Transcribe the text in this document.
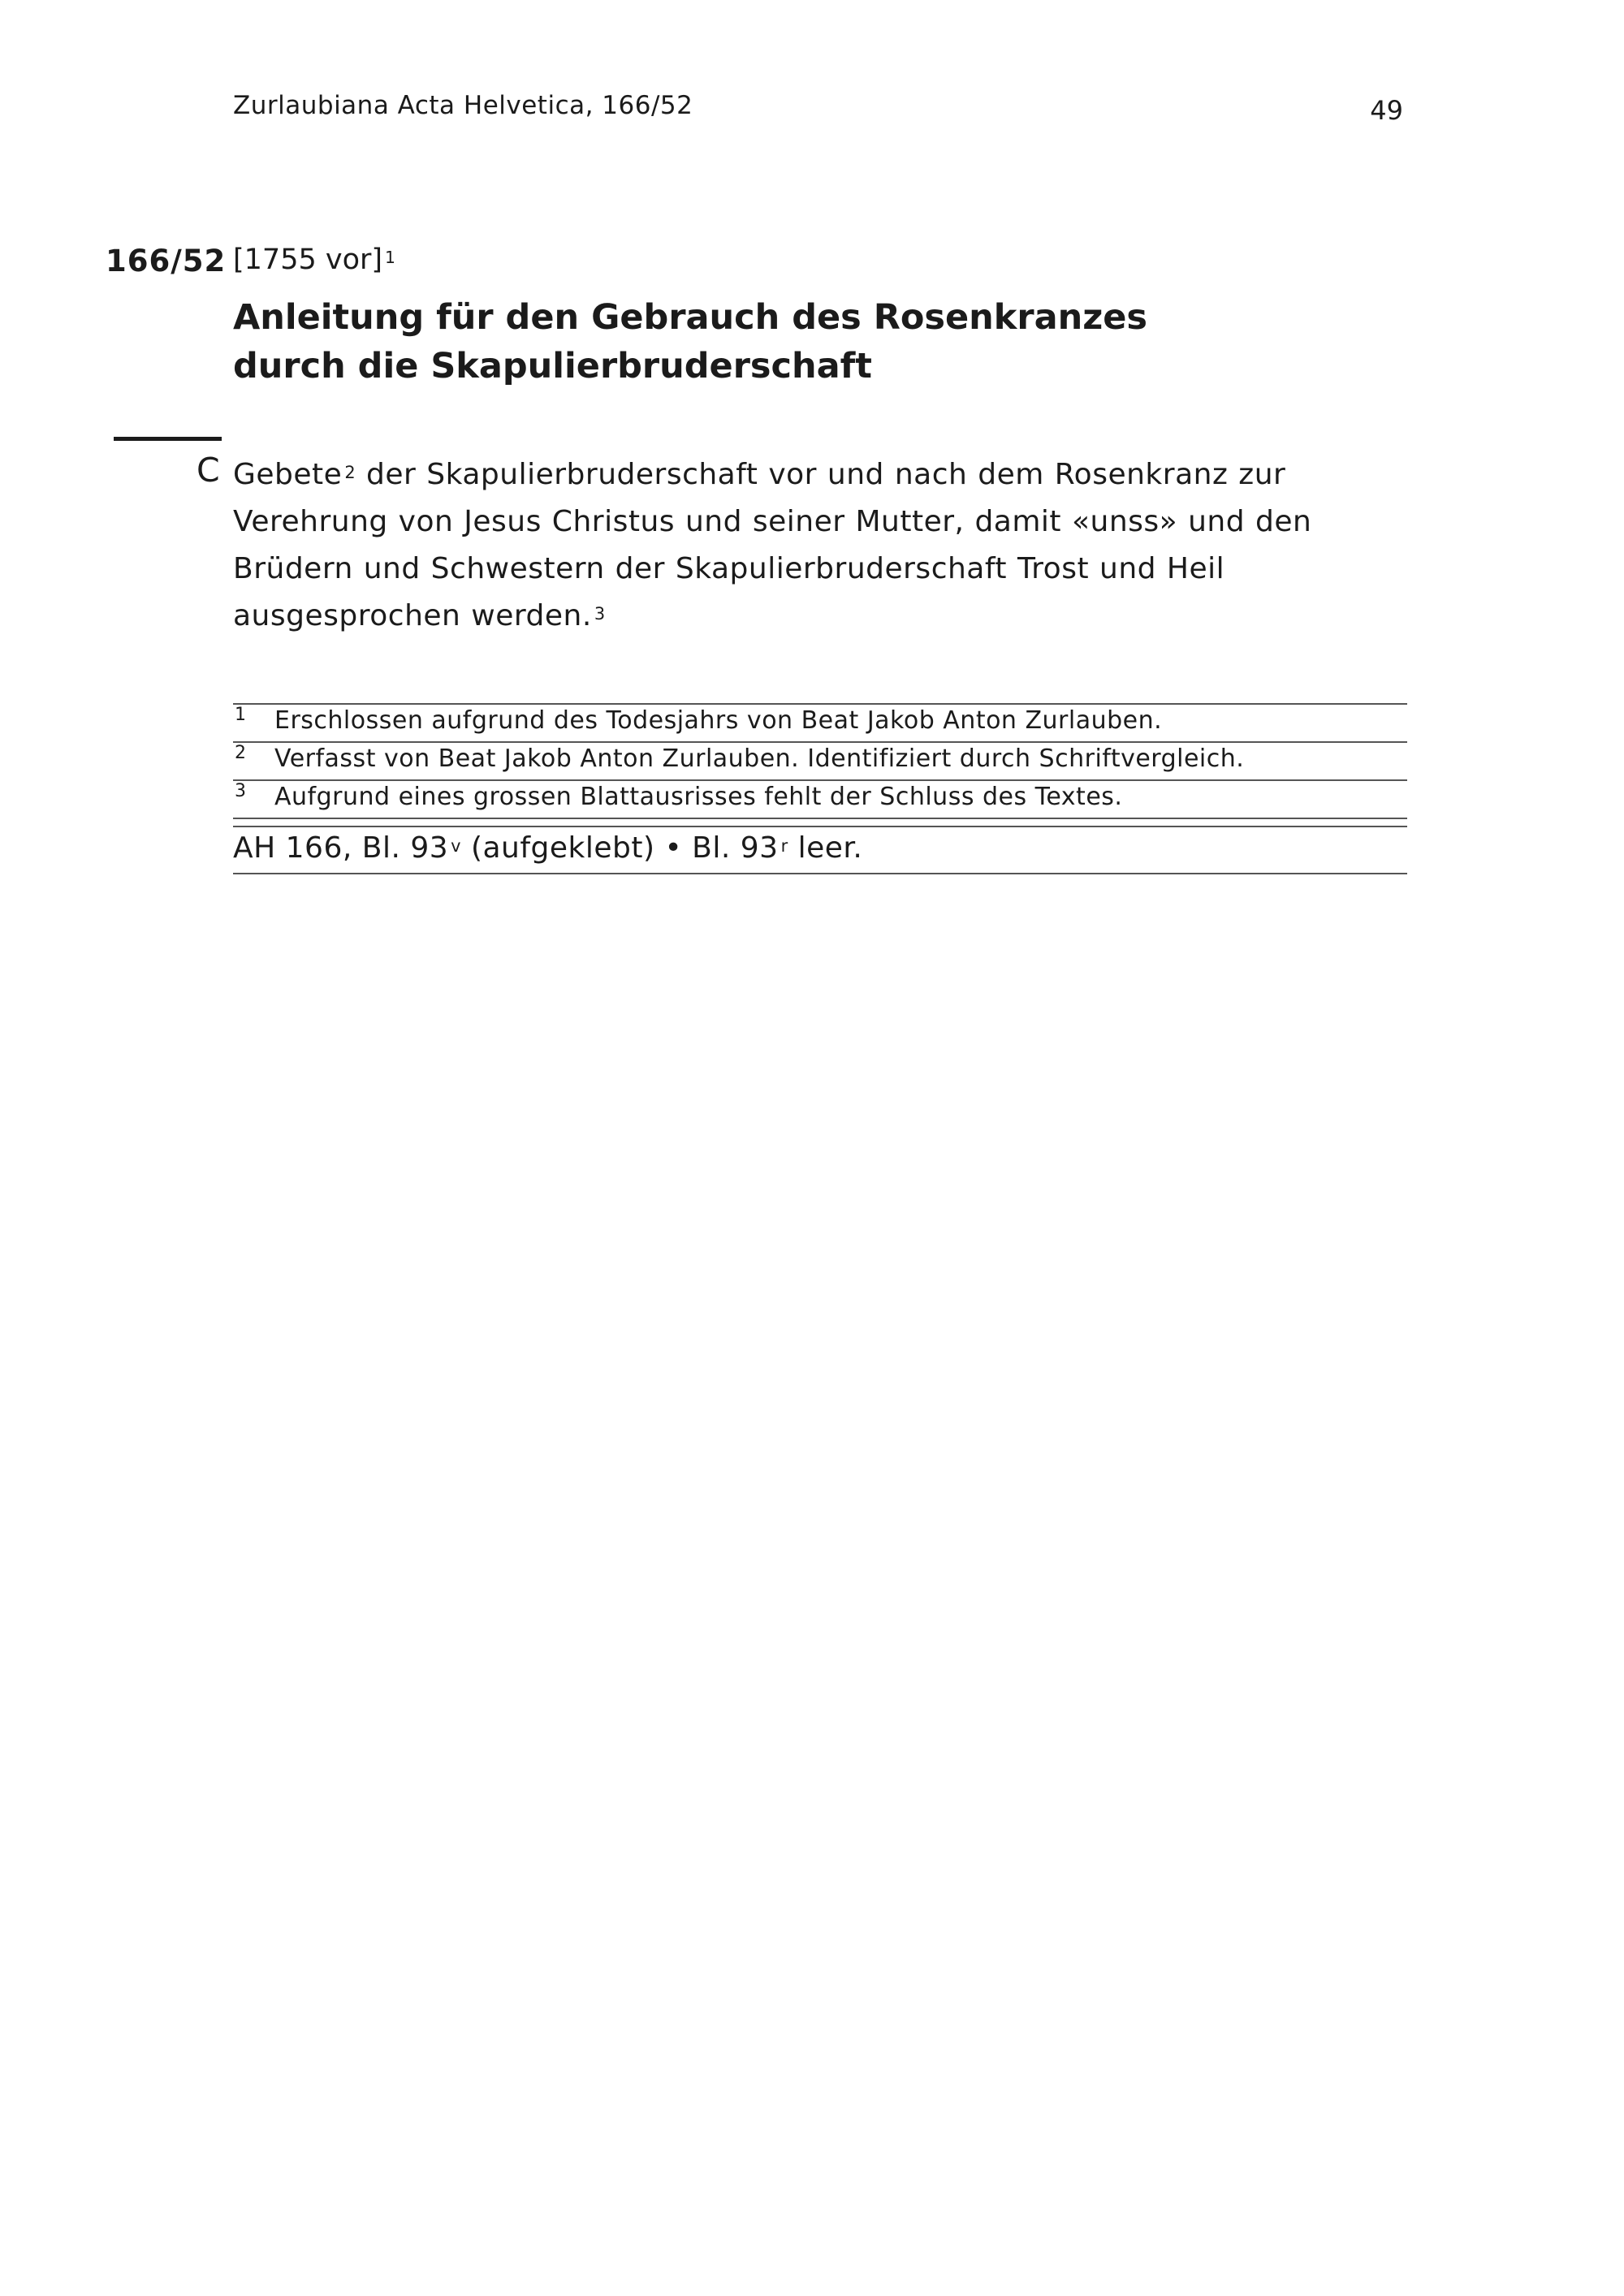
Zurlaubiana Acta Helvetica, 166/52	49
166/52 [1755 vor] $^1$
Anleitung für den Gebrauch des Rosenkranzes durch die Skapulierbruderschaft
C Gebete $^2$ der Skapulierbruderschaft vor und nach dem Rosenkranz zur Verehrung von Jesus Christus und seiner Mutter, damit «unss» und den Brüdern und Schwestern der Skapulierbruderschaft Trost und Heil ausgesprochen werden. $^3$

1	Erschlossen aufgrund des Todesjahrs von Beat Jakob Anton Zurlauben.
2	Verfasst von Beat Jakob Anton Zurlauben. Identifiziert durch Schriftvergleich.
3	Aufgrund eines grossen Blattausrisses fehlt der Schluss des Textes.
AH 166, Bl. 93 $^v$ (aufgeklebt) • Bl. 93 $^r$ leer.
